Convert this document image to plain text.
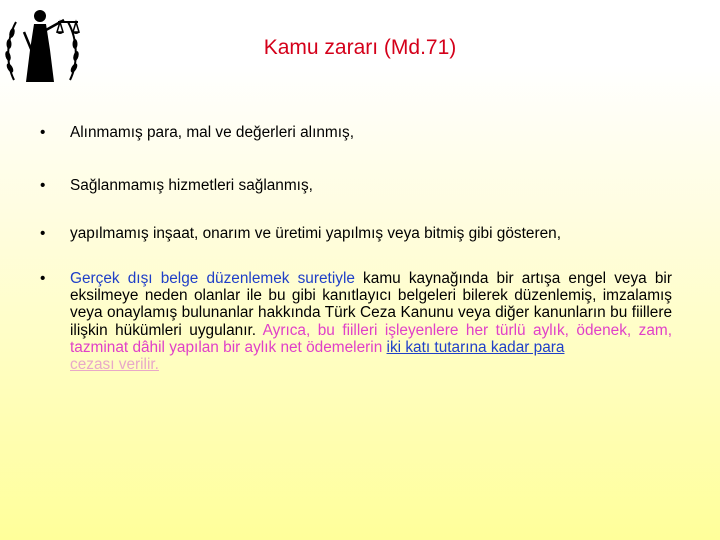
Kamu zararı (Md.71)
• Alınmamış para, mal ve değerleri alınmış,
• Sağlanmamış hizmetleri sağlanmış,
• yapılmamış inşaat, onarım ve üretimi yapılmış veya bitmiş gibi gösteren,
• Gerçek dışı belge düzenlemek suretiyle kamu kaynağında bir artışa engel veya bir eksilmeye neden olanlar ile bu gibi kanıtlayıcı belgeleri bilerek düzenlemiş, imzalamış veya onaylamış bulunanlar hakkında Türk Ceza Kanunu veya diğer kanunların bu fiillere ilişkin hükümleri uygulanır. Ayrıca, bu fiilleri işleyenlere her türlü aylık, ödenek, zam, tazminat dâhil yapılan bir aylık net ödemelerin iki katı tutarına kadar para
cezası verilir.
